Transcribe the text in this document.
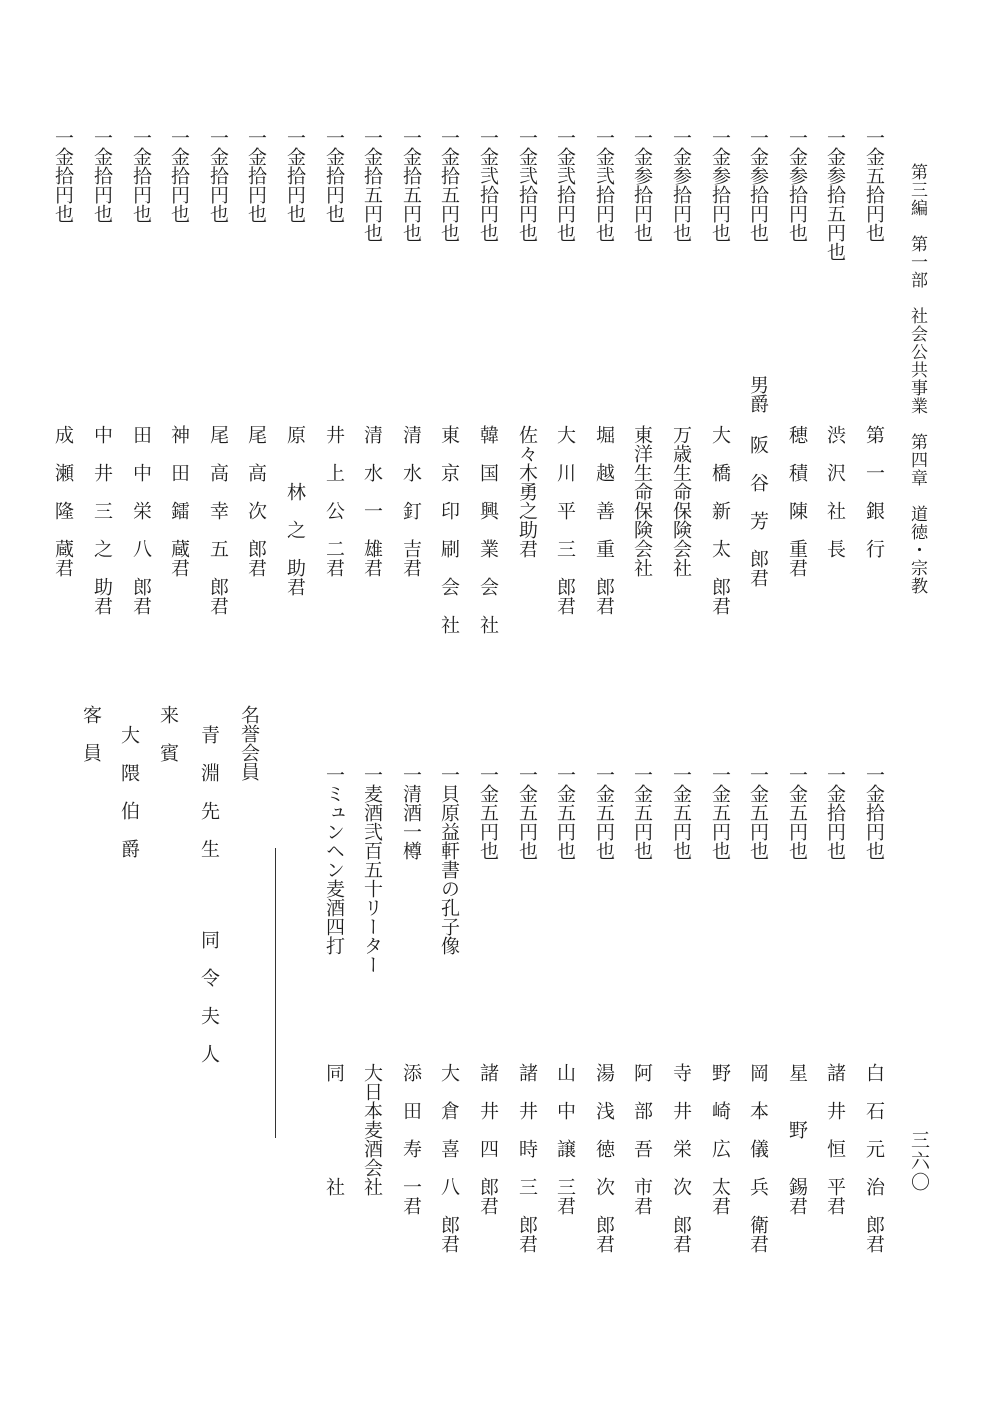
第三編　第一部　社会公共事業　第四章　道徳・宗教
三六〇
一金五拾円也
第　一　銀　行
一金参拾五円也
渋　沢　社　長
一金参拾円也
穂　積　陳　重君
一金参拾円也
男爵 阪　谷　芳　郎君
一金参拾円也
大　橋　新　太　郎君
一金参拾円也
万歳生命保険会社
一金参拾円也
東洋生命保険会社
一金弐拾円也
堀　越　善　重　郎君
一金弐拾円也
大　川　平　三　郎君
一金弐拾円也
佐々木勇之助君
一金弐拾円也
韓　国　興　業　会　社
一金拾五円也
東　京　印　刷　会　社
一金拾五円也
清　水　釘　吉君
一金拾五円也
清　水　一　雄君
一金拾円也
井　上　公　二君
一金拾円也
原　　林　之　助君
一金拾円也
尾　高　次　郎君
一金拾円也
尾　高　幸　五　郎君
一金拾円也
神　田　鐳　蔵君
一金拾円也
田　中　栄　八　郎君
一金拾円也
中　井　三　之　助君
一金拾円也
成　瀬　隆　蔵君
一金拾円也
白　石　元　治　郎君
一金拾円也
諸　井　恒　平君
一金五円也
星　　野　　錫君
一金五円也
岡　本　儀　兵　衛君
一金五円也
野　崎　広　太君
一金五円也
寺　井　栄　次　郎君
一金五円也
阿　部　吾　市君
一金五円也
湯　浅　徳　次　郎君
一金五円也
山　中　譲　三君
一金五円也
諸　井　時　三　郎君
一金五円也
諸　井　四　郎君
一貝原益軒書の孔子像
大　倉　喜　八　郎君
一清酒一樽
添　田　寿　一君
一麦酒弐百五十リーター
大日本麦酒会社
一ミュンヘン麦酒四打
同　　　　　社
名誉会員
青　淵　先　生
同　令　夫　人
来　賓
大　隈　伯　爵
客　員
